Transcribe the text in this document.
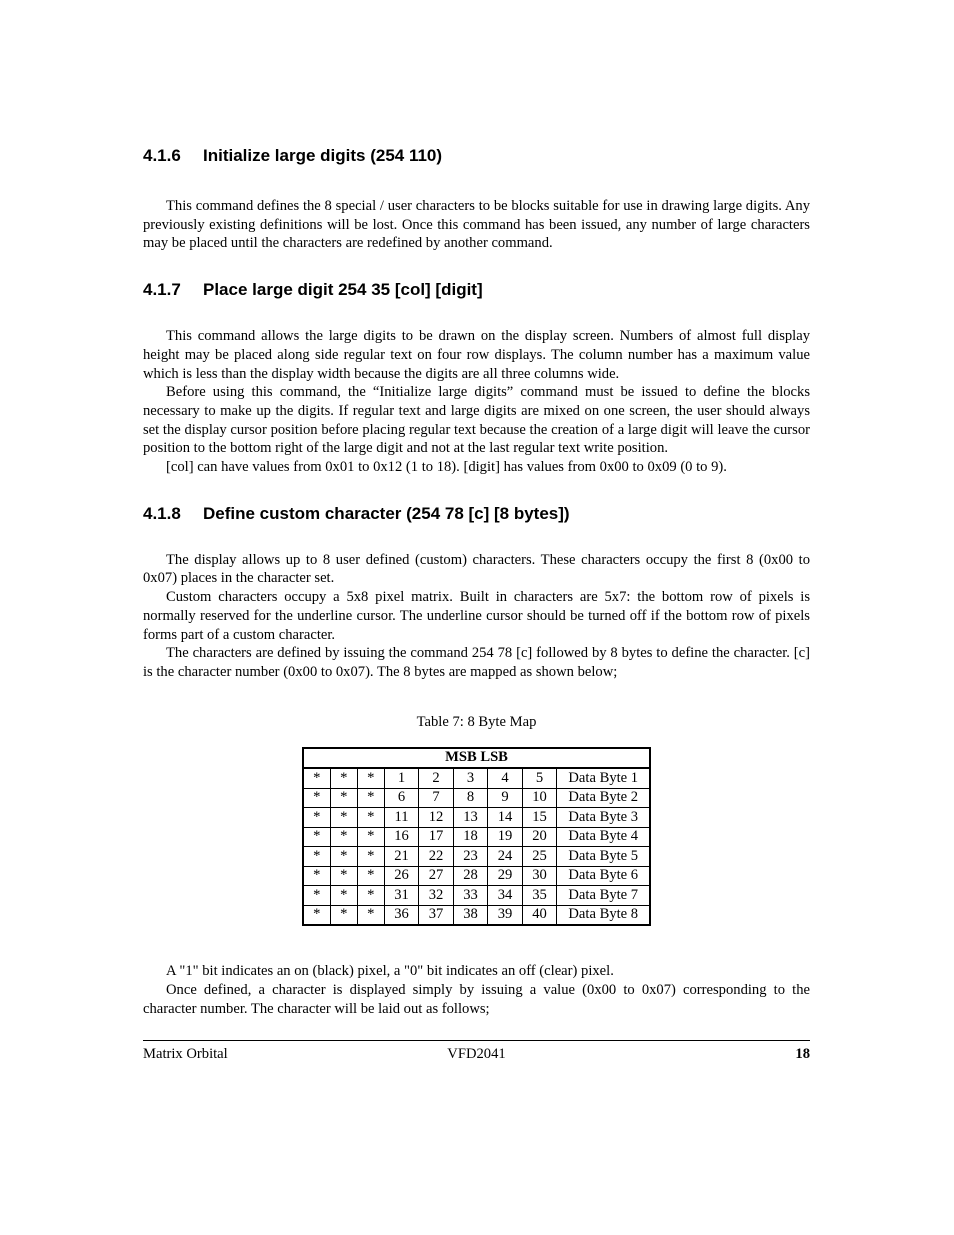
4.1.6 Initialize large digits (254 110)

This command defines the 8 special / user characters to be blocks suitable for use in drawing large digits. Any previously existing definitions will be lost. Once this command has been issued, any number of large characters may be placed until the characters are redefined by another command.

4.1.7 Place large digit 254 35 [col] [digit]

This command allows the large digits to be drawn on the display screen. Numbers of almost full display height may be placed along side regular text on four row displays. The column number has a maximum value which is less than the display width because the digits are all three columns wide.

Before using this command, the “Initialize large digits” command must be issued to define the blocks necessary to make up the digits. If regular text and large digits are mixed on one screen, the user should always set the display cursor position before placing regular text because the creation of a large digit will leave the cursor position to the bottom right of the large digit and not at the last regular text write position.

[col] can have values from 0x01 to 0x12 (1 to 18). [digit] has values from 0x00 to 0x09 (0 to 9).

4.1.8 Define custom character (254 78 [c] [8 bytes])

The display allows up to 8 user defined (custom) characters. These characters occupy the first 8 (0x00 to 0x07) places in the character set.

Custom characters occupy a 5x8 pixel matrix. Built in characters are 5x7: the bottom row of pixels is normally reserved for the underline cursor. The underline cursor should be turned off if the bottom row of pixels forms part of a custom character.

The characters are defined by issuing the command 254 78 [c] followed by 8 bytes to define the character. [c] is the character number (0x00 to 0x07). The 8 bytes are mapped as shown below;

Table 7: 8 Byte Map
MSB LSB								
*	*	*	1	2	3	4	5	Data Byte 1
*	*	*	6	7	8	9	10	Data Byte 2
*	*	*	11	12	13	14	15	Data Byte 3
*	*	*	16	17	18	19	20	Data Byte 4
*	*	*	21	22	23	24	25	Data Byte 5
*	*	*	26	27	28	29	30	Data Byte 6
*	*	*	31	32	33	34	35	Data Byte 7
*	*	*	36	37	38	39	40	Data Byte 8

A "1" bit indicates an on (black) pixel, a "0" bit indicates an off (clear) pixel.

Once defined, a character is displayed simply by issuing a value (0x00 to 0x07) corresponding to the character number. The character will be laid out as follows;

Matrix Orbital	VFD2041	18
